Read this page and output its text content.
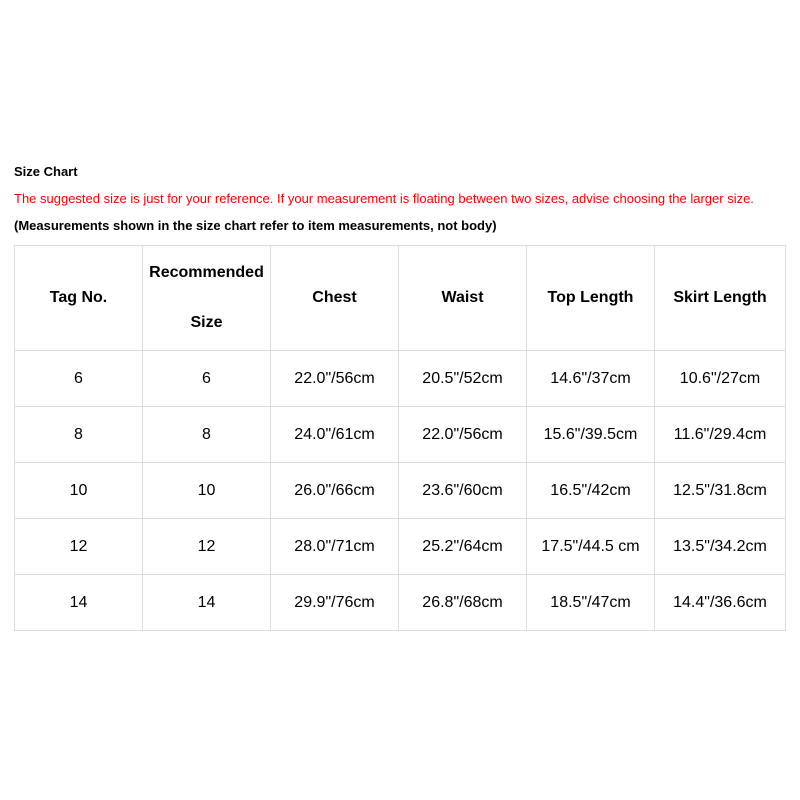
Size Chart
The suggested size is just for your reference. If your measurement is floating between two sizes, advise choosing the larger size.
(Measurements shown in the size chart refer to item measurements, not body)
Tag No.	Recommended Size	Chest	Waist	Top Length	Skirt Length
6	6	22.0"/56cm	20.5"/52cm	14.6"/37cm	10.6"/27cm
8	8	24.0"/61cm	22.0"/56cm	15.6"/39.5cm	11.6"/29.4cm
10	10	26.0"/66cm	23.6"/60cm	16.5"/42cm	12.5"/31.8cm
12	12	28.0"/71cm	25.2"/64cm	17.5"/44.5 cm	13.5"/34.2cm
14	14	29.9"/76cm	26.8"/68cm	18.5"/47cm	14.4"/36.6cm
